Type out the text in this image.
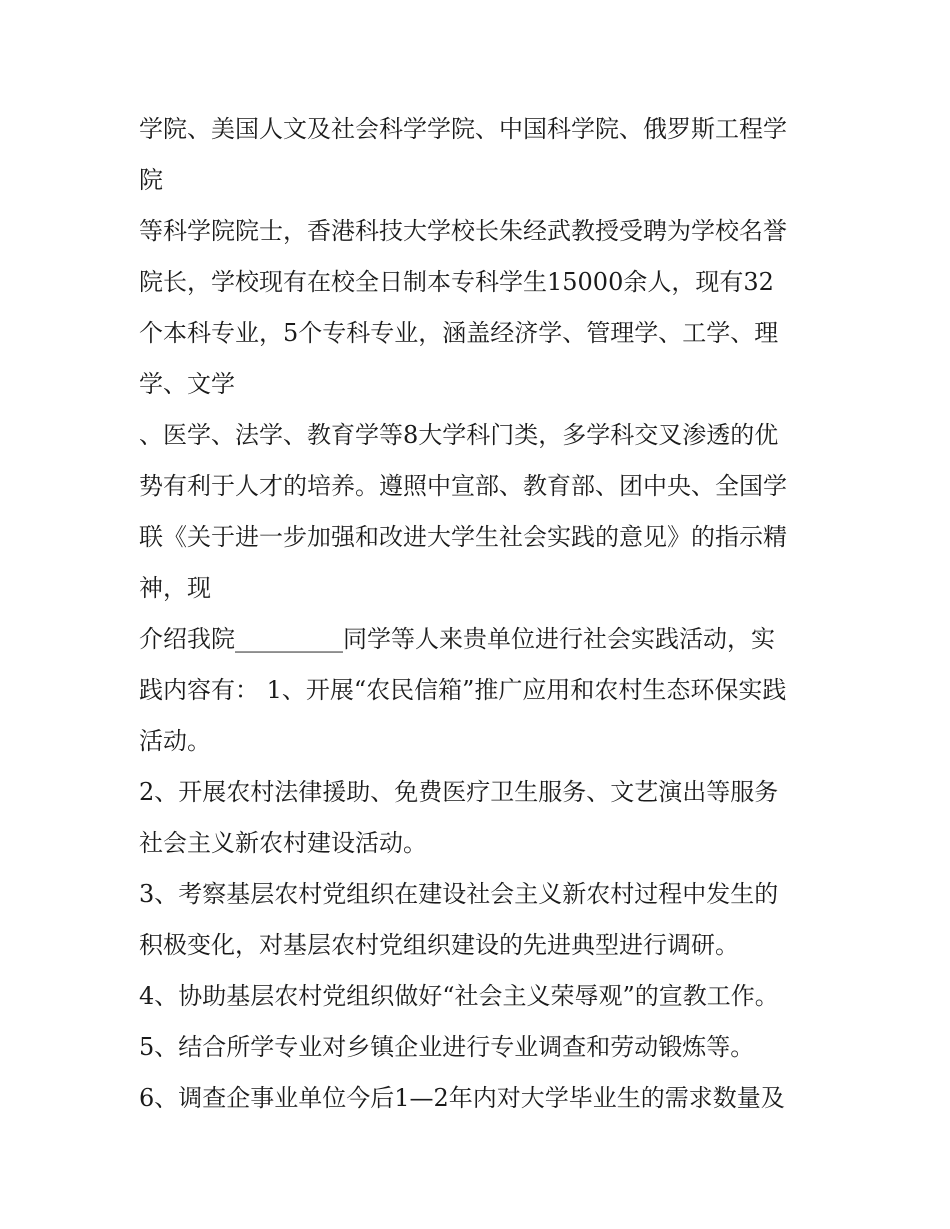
学院、美国人文及社会科学学院、中国科学院、俄罗斯工程学
院
等科学院院士，香港科技大学校长朱经武教授受聘为学校名誉
院长，学校现有在校全日制本专科学生15000余人，现有32
个本科专业，5个专科专业，涵盖经济学、管理学、工学、理
学、文学
、医学、法学、教育学等8大学科门类，多学科交叉渗透的优
势有利于人才的培养。遵照中宣部、教育部、团中央、全国学
联《关于进一步加强和改进大学生社会实践的意见》的指示精
神，现
介绍我院_________同学等人来贵单位进行社会实践活动，实
践内容有： 1、开展“农民信箱”推广应用和农村生态环保实践
活动。
2、开展农村法律援助、免费医疗卫生服务、文艺演出等服务
社会主义新农村建设活动。
3、考察基层农村党组织在建设社会主义新农村过程中发生的
积极变化，对基层农村党组织建设的先进典型进行调研。
4、协助基层农村党组织做好“社会主义荣辱观”的宣教工作。
5、结合所学专业对乡镇企业进行专业调查和劳动锻炼等。
6、调查企事业单位今后1—2年内对大学毕业生的需求数量及
